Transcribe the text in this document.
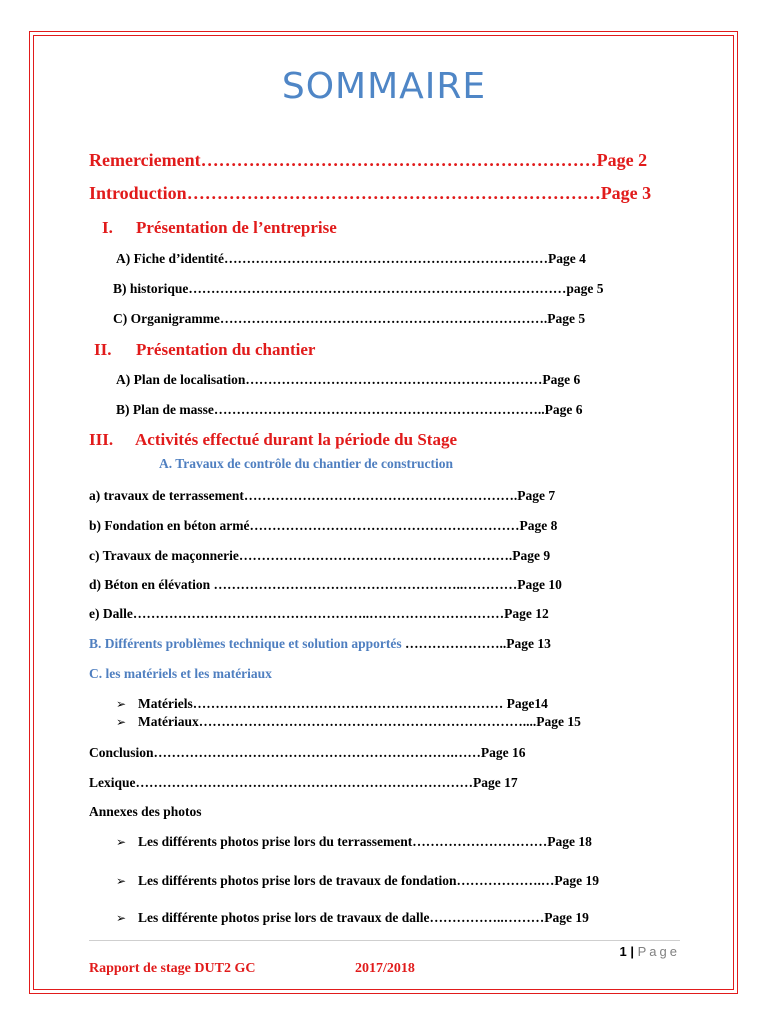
SOMMAIRE
Remerciement…………………………………………………………Page 2
Introduction……………………………………………………………Page 3
I. Présentation de l’entreprise
A) Fiche d’identité………………………………………………………………Page 4
B) historique…………………………………………………………………………page 5
C) Organigramme……………………………………………………………….Page 5
II. Présentation du chantier
A) Plan de localisation…………………………………………………………Page 6
B) Plan de masse………………………………………………………………..Page 6
III. Activités effectué durant la période du Stage
A. Travaux de contrôle du chantier de construction
a) travaux de terrassement…………………………………………………….Page 7
b) Fondation en béton armé……………………………………………………Page 8
c) Travaux de maçonnerie…………………………………………………….Page 9
d) Béton en élévation ………………………………………………..…………Page 10
e) Dalle……………………………………………..…………………………Page 12
B. Différents problèmes technique et solution apportés …………………..Page 13
C. les matériels et les matériaux
➢ Matériels…………………………………………………………… Page14
➢ Matériaux………………………………………………………………....Page 15
Conclusion………………………………………………………….……Page 16
Lexique…………………………………………………………………Page 17
Annexes des photos
➢ Les différents photos prise lors du terrassement…………………………Page 18
➢ Les différents photos prise lors de travaux de fondation……………….…Page 19
➢ Les différente photos prise lors de travaux de dalle……………..………Page 19
1 | Page
Rapport de stage DUT2 GC	2017/2018
